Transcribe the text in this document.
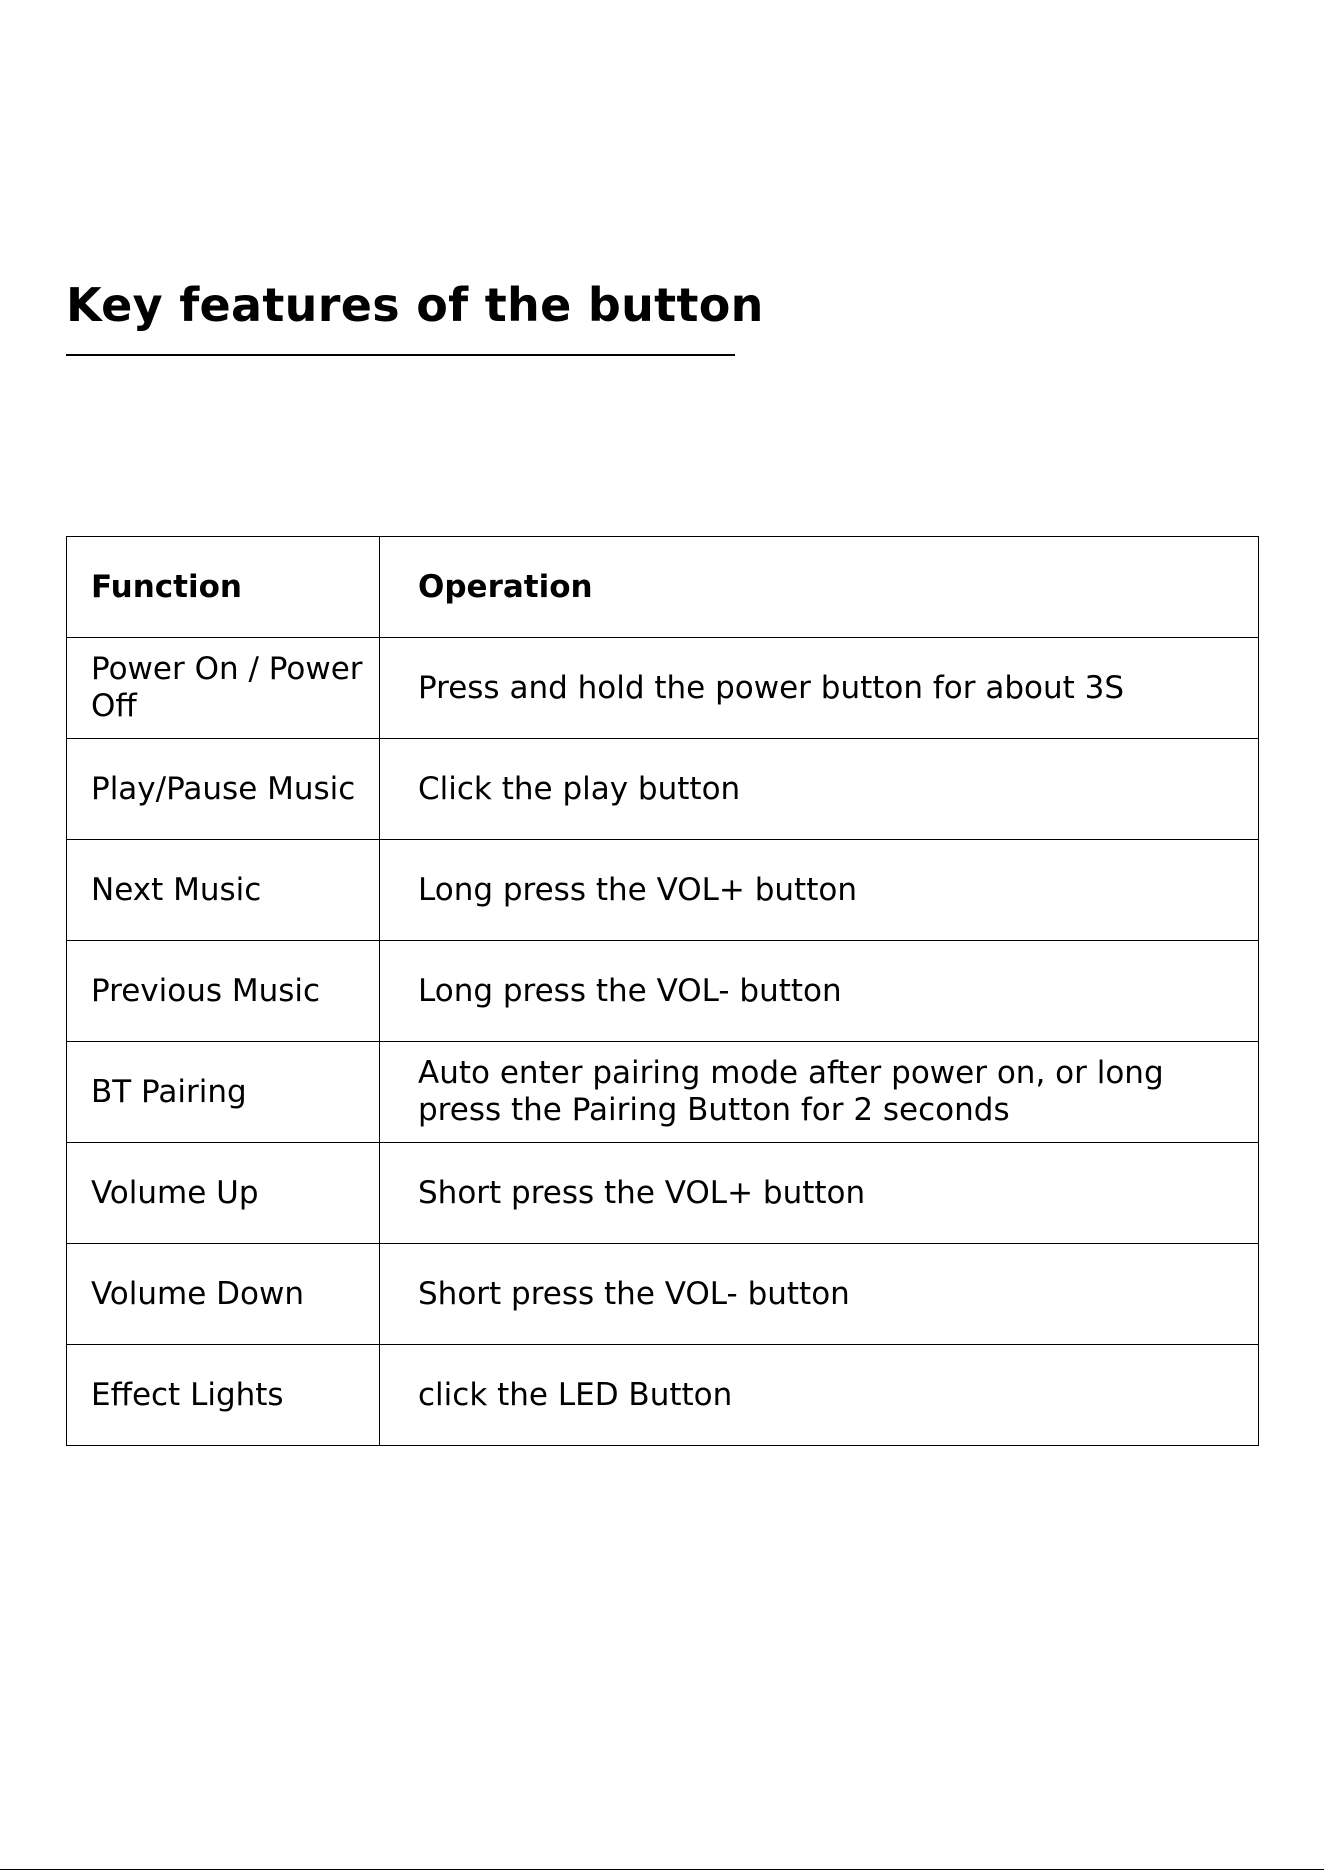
Key features of the button
Function	Operation
Power On / Power Off	Press and hold the power button for about 3S
Play/Pause Music	Click the play button
Next Music	Long press the VOL+ button
Previous Music	Long press the VOL- button
BT Pairing	Auto enter pairing mode after power on, or long press the Pairing Button for 2 seconds
Volume Up	Short press the VOL+ button
Volume Down	Short press the VOL- button
Effect Lights	click the LED Button
